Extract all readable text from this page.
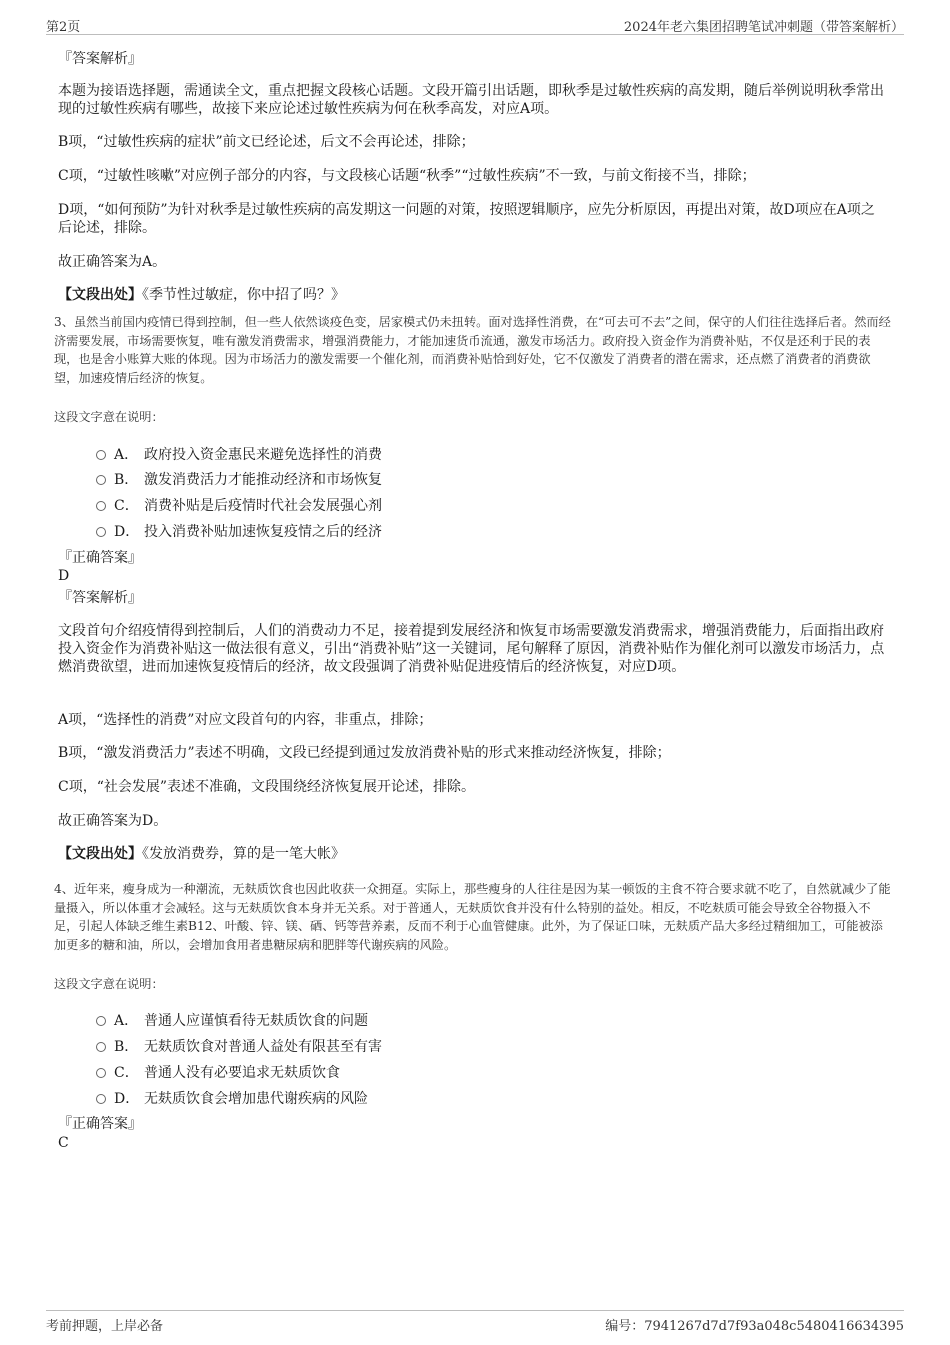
第2页	2024年老六集团招聘笔试冲刺题（带答案解析）
『答案解析』
本题为接语选择题，需通读全文，重点把握文段核心话题。文段开篇引出话题，即秋季是过敏性疾病的高发期，随后举例说明秋季常出现的过敏性疾病有哪些，故接下来应论述过敏性疾病为何在秋季高发，对应A项。
B项，“过敏性疾病的症状”前文已经论述，后文不会再论述，排除；
C项，“过敏性咳嗽”对应例子部分的内容，与文段核心话题“秋季”“过敏性疾病”不一致，与前文衔接不当，排除；
D项，“如何预防”为针对秋季是过敏性疾病的高发期这一问题的对策，按照逻辑顺序，应先分析原因，再提出对策，故D项应在A项之后论述，排除。
故正确答案为A。
【文段出处】《季节性过敏症，你中招了吗？》
3、虽然当前国内疫情已得到控制，但一些人依然谈疫色变，居家模式仍未扭转。面对选择性消费，在“可去可不去”之间，保守的人们往往选择后者。然而经济需要发展，市场需要恢复，唯有激发消费需求，增强消费能力，才能加速货币流通，激发市场活力。政府投入资金作为消费补贴，不仅是还利于民的表现，也是舍小账算大账的体现。因为市场活力的激发需要一个催化剂，而消费补贴恰到好处，它不仅激发了消费者的潜在需求，还点燃了消费者的消费欲望，加速疫情后经济的恢复。
这段文字意在说明：
A． 政府投入资金惠民来避免选择性的消费
B． 激发消费活力才能推动经济和市场恢复
C． 消费补贴是后疫情时代社会发展强心剂
D． 投入消费补贴加速恢复疫情之后的经济
『正确答案』
D
『答案解析』
文段首句介绍疫情得到控制后，人们的消费动力不足，接着提到发展经济和恢复市场需要激发消费需求，增强消费能力，后面指出政府投入资金作为消费补贴这一做法很有意义，引出“消费补贴”这一关键词，尾句解释了原因，消费补贴作为催化剂可以激发市场活力，点燃消费欲望，进而加速恢复疫情后的经济，故文段强调了消费补贴促进疫情后的经济恢复，对应D项。
A项，“选择性的消费”对应文段首句的内容，非重点，排除；
B项，“激发消费活力”表述不明确，文段已经提到通过发放消费补贴的形式来推动经济恢复，排除；
C项，“社会发展”表述不准确，文段围绕经济恢复展开论述，排除。
故正确答案为D。
【文段出处】《发放消费券，算的是一笔大帐》
4、近年来，瘦身成为一种潮流，无麸质饮食也因此收获一众拥趸。实际上，那些瘦身的人往往是因为某一顿饭的主食不符合要求就不吃了，自然就减少了能量摄入，所以体重才会减轻。这与无麸质饮食本身并无关系。对于普通人，无麸质饮食并没有什么特别的益处。相反，不吃麸质可能会导致全谷物摄入不足，引起人体缺乏维生素B12、叶酸、锌、镁、硒、钙等营养素，反而不利于心血管健康。此外，为了保证口味，无麸质产品大多经过精细加工，可能被添加更多的糖和油，所以，会增加食用者患糖尿病和肥胖等代谢疾病的风险。
这段文字意在说明：
A． 普通人应谨慎看待无麸质饮食的问题
B． 无麸质饮食对普通人益处有限甚至有害
C． 普通人没有必要追求无麸质饮食
D． 无麸质饮食会增加患代谢疾病的风险
『正确答案』
C
考前押题，上岸必备	编号：7941267d7d7f93a048c5480416634395
